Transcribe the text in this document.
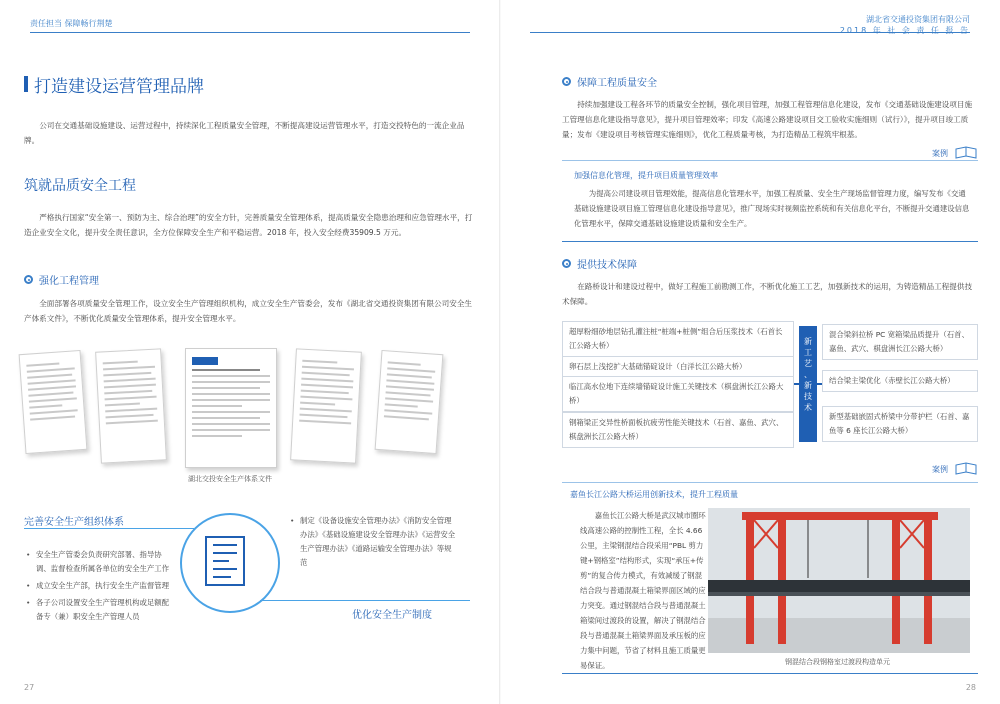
责任担当 保障畅行荆楚
打造建设运营管理品牌
公司在交通基础设施建设、运营过程中，持续深化工程质量安全管理，不断提高建设运营管理水平，打造交投特色的一流企业品牌。
筑就品质安全工程
严格执行国家“安全第一、预防为主、综合治理”的安全方针，完善质量安全管理体系，提高质量安全隐患治理和应急管理水平，打造企业安全文化，提升安全责任意识，全方位保障安全生产和平稳运营。2018 年，投入安全经费35909.5 万元。
强化工程管理
全面部署各项质量安全管理工作，设立安全生产管理组织机构，成立安全生产管委会，发布《湖北省交通投资集团有限公司安全生产体系文件》，不断优化质量安全管理体系，提升安全管理水平。
湖北交投安全生产体系文件
完善安全生产组织体系
• 安全生产管委会负责研究部署、指导协调、监督检查所属各单位的安全生产工作
• 成立安全生产部，执行安全生产监督管理
• 各子公司设置安全生产管理机构或足额配备专（兼）职安全生产管理人员
• 制定《设备设施安全管理办法》《消防安全管理办法》《基础设施建设安全管理办法》《运营安全生产管理办法》《道路运输安全管理办法》等规范
优化安全生产制度
27
湖北省交通投资集团有限公司
2018 年 社 会 责 任 报 告
保障工程质量安全
持续加强建设工程各环节的质量安全控制，强化项目管理，加强工程管理信息化建设，发布《交通基础设施建设项目施工管理信息化建设指导意见》，提升项目管理效率；印发《高速公路建设项目交工验收实施细则（试行）》，提升项目竣工质量；发布《建设项目考核管理实施细则》，优化工程质量考核，为打造精品工程筑牢根基。
案例
加强信息化管理，提升项目质量管理效率
为提高公司建设项目管理效能，提高信息化管理水平，加强工程质量、安全生产现场监督管理力度，编写发布《交通基础设施建设项目施工管理信息化建设指导意见》，推广现场实时视频监控系统和有关信息化平台，不断提升交通建设信息化管理水平，保障交通基础设施建设质量和安全生产。
提供技术保障
在路桥设计和建设过程中，做好工程施工前勘测工作，不断优化施工工艺，加强新技术的运用，为铸造精品工程提供技术保障。
超厚粉细砂地层钻孔灌注桩“桩端+桩侧”组合后压浆技术（石首长江公路大桥）
卵石层上浅挖扩大基础锚碇设计（白洋长江公路大桥）
临江高水位地下连续墙锚碇设计施工关键技术（棋盘洲长江公路大桥）
钢箱梁正交异性桥面板抗疲劳性能关键技术（石首、嘉鱼、武穴、棋盘洲长江公路大桥）
新
工
艺
、
新
技
术
混合梁斜拉桥 PC 宽箱梁品质提升（石首、嘉鱼、武穴、棋盘洲长江公路大桥）
结合梁主梁优化（赤壁长江公路大桥）
新型基础嵌固式桥梁中分带护栏（石首、嘉鱼等 6 座长江公路大桥）
案例
嘉鱼长江公路大桥运用创新技术，提升工程质量
嘉鱼长江公路大桥是武汉城市圈环线高速公路的控制性工程，全长 4.66 公里，主梁钢混结合段采用“PBL 剪力键+钢格室”结构形式，实现“承压+传剪”的复合传力模式，有效减缓了钢混结合段与普通混凝土箱梁界面区域的应力突变。通过钢混结合段与普通混凝土箱梁间过渡段的设置，解决了钢混结合段与普通混凝土箱梁界面及承压板的应力集中问题，节省了材料且施工质量更易保证。	钢混结合段钢格室过渡段构造单元
28
